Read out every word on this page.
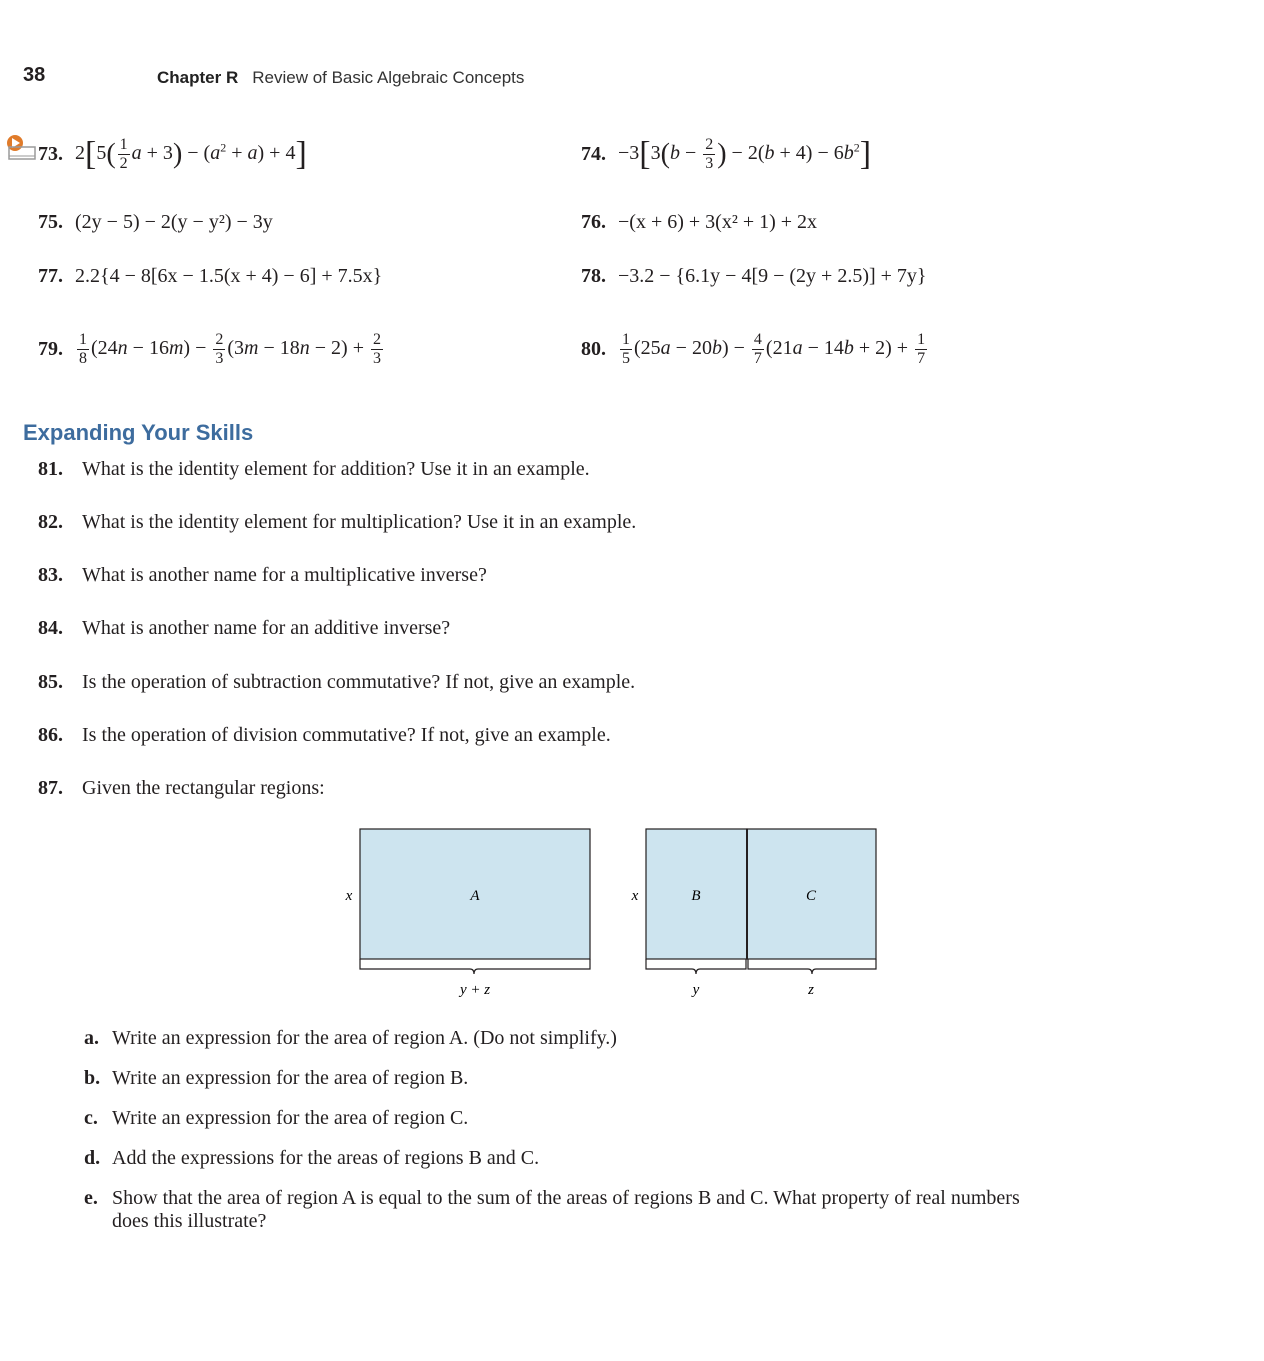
38	Chapter R Review of Basic Algebraic Concepts
73. $2[5( \frac{1}{2}$ $a + 3) - (a^2 + a) + 4$]	74. $-3[3(b - \frac{2}{3}$ ) − $2(b + 4) - 6b^2$]
75. (2y − 5) − 2(y − y²) − 3y	76. −(x + 6) + 3(x² + 1) + 2x
77. 2.2{4 − 8[6x − 1.5(x + 4) − 6] + 7.5x}	78. −3.2 − {6.1y − 4[9 − (2y + 2.5)] + 7y}
79. $\frac{1}{8} (24n - 16m) - \frac{2}{3} (3m - 18n - 2) + \frac{2}{3}$	80. $\frac{1}{5} (25a - 20b) - \frac{4}{7} (21a - 14b + 2) + \frac{1}{7}$
Expanding Your Skills
81. What is the identity element for addition? Use it in an example.
82. What is the identity element for multiplication? Use it in an example.
83. What is another name for a multiplicative inverse?
84. What is another name for an additive inverse?
85. Is the operation of subtraction commutative? If not, give an example.
86. Is the operation of division commutative? If not, give an example.
87. Given the rectangular regions:
A
x
y + z
B	C
x
y	z
a. Write an expression for the area of region A. (Do not simplify.)
b. Write an expression for the area of region B.
c. Write an expression for the area of region C.
d. Add the expressions for the areas of regions B and C.
e. Show that the area of region A is equal to the sum of the areas of regions B and C. What property of real numbers
does this illustrate?
